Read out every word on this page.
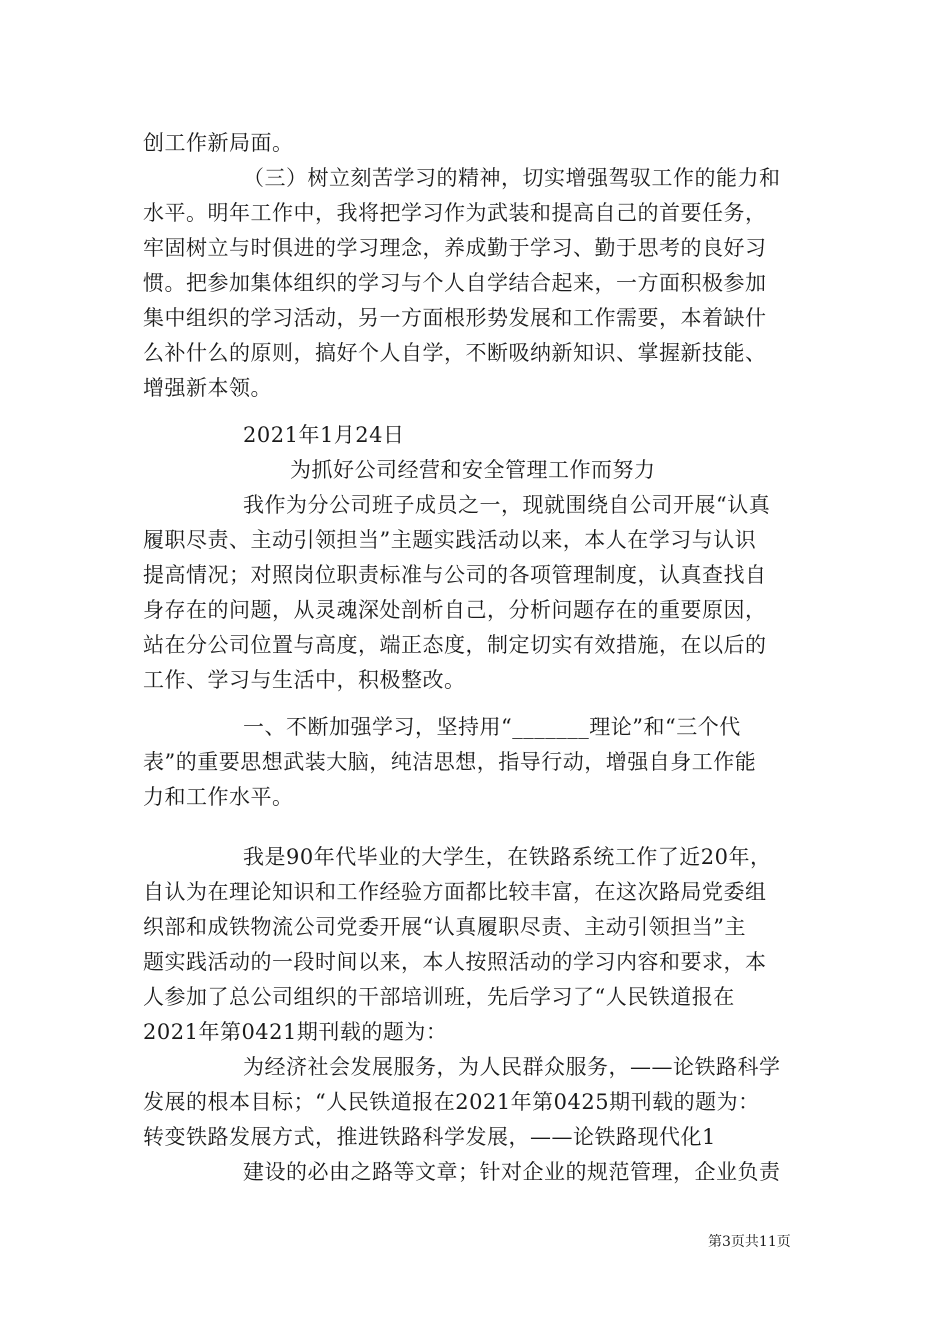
创工作新局面。
（三）树立刻苦学习的精神，切实增强驾驭工作的能力和
水平。明年工作中，我将把学习作为武装和提高自己的首要任务，
牢固树立与时俱进的学习理念，养成勤于学习、勤于思考的良好习
惯。把参加集体组织的学习与个人自学结合起来，一方面积极参加
集中组织的学习活动，另一方面根形势发展和工作需要，本着缺什
么补什么的原则，搞好个人自学，不断吸纳新知识、掌握新技能、
增强新本领。
2021年1月24日
为抓好公司经营和安全管理工作而努力
我作为分公司班子成员之一，现就围绕自公司开展“认真
履职尽责、主动引领担当”主题实践活动以来，本人在学习与认识
提高情况；对照岗位职责标准与公司的各项管理制度，认真查找自
身存在的问题，从灵魂深处剖析自己，分析问题存在的重要原因，
站在分公司位置与高度，端正态度，制定切实有效措施，在以后的
工作、学习与生活中，积极整改。
一、不断加强学习，坚持用“_______理论”和“三个代
表”的重要思想武装大脑，纯洁思想，指导行动，增强自身工作能
力和工作水平。
我是90年代毕业的大学生，在铁路系统工作了近20年，
自认为在理论知识和工作经验方面都比较丰富，在这次路局党委组
织部和成铁物流公司党委开展“认真履职尽责、主动引领担当”主
题实践活动的一段时间以来，本人按照活动的学习内容和要求，本
人参加了总公司组织的干部培训班，先后学习了“人民铁道报在
2021年第0421期刊载的题为：
为经济社会发展服务，为人民群众服务，——论铁路科学
发展的根本目标；“人民铁道报在2021年第0425期刊载的题为：
转变铁路发展方式，推进铁路科学发展，——论铁路现代化1
建设的必由之路等文章；针对企业的规范管理，企业负责
第3页共11页
